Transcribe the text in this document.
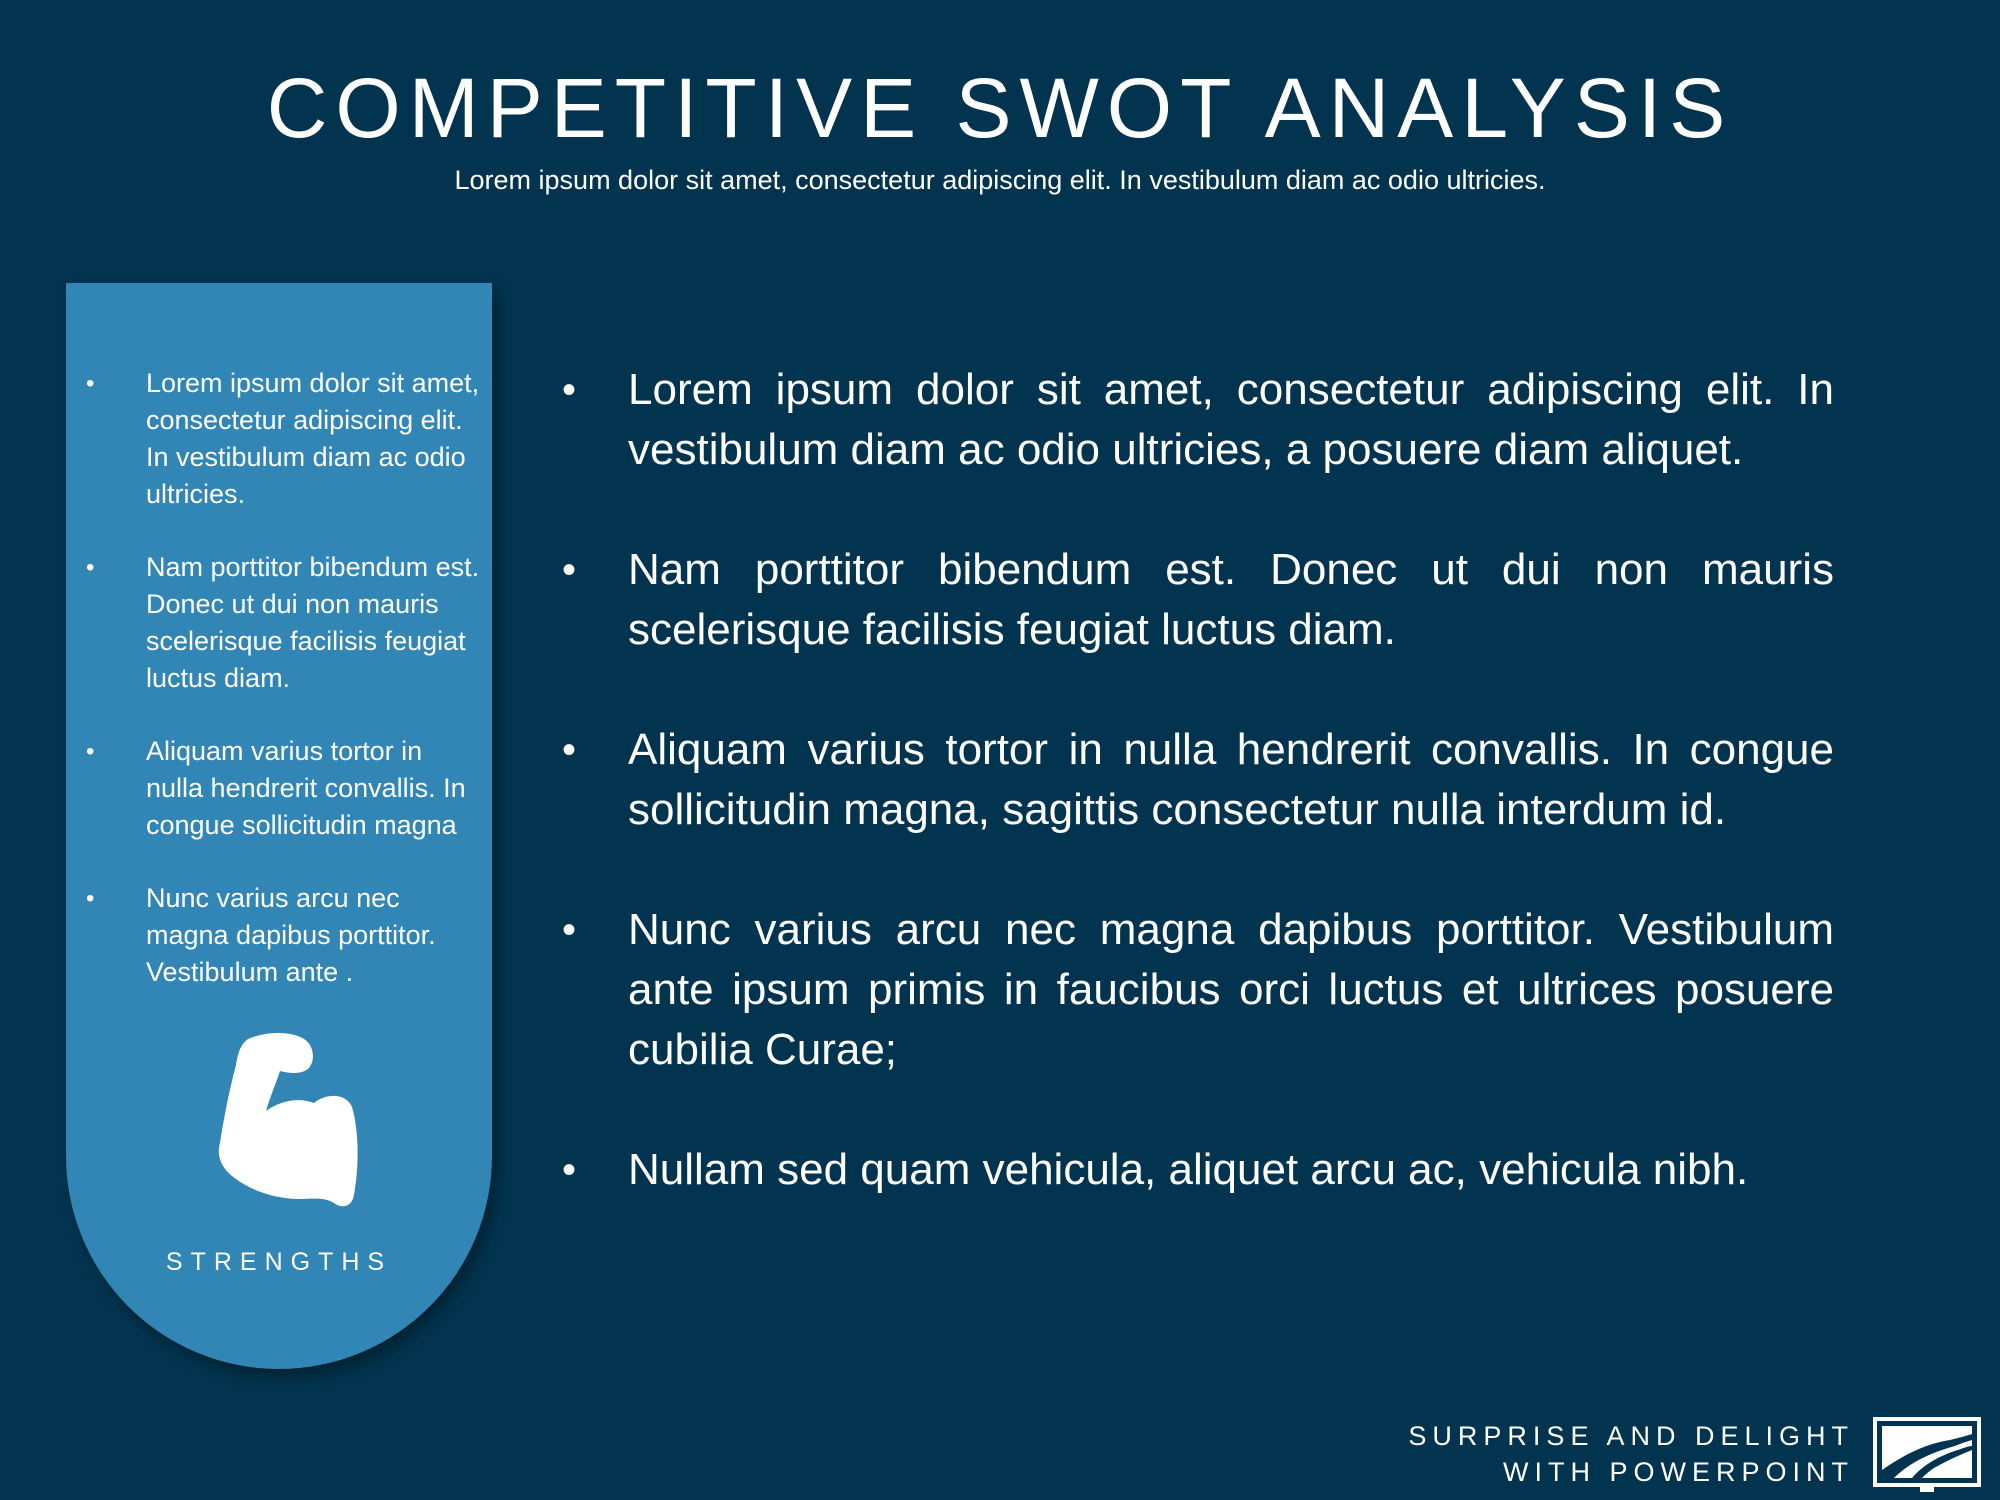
COMPETITIVE SWOT ANALYSIS
Lorem ipsum dolor sit amet, consectetur adipiscing elit. In vestibulum diam ac odio ultricies.
• Lorem ipsum dolor sit amet, consectetur adipiscing elit. In vestibulum diam ac odio ultricies.
• Nam porttitor bibendum est. Donec ut dui non mauris scelerisque facilisis feugiat luctus diam.
• Aliquam varius tortor in nulla hendrerit convallis. In congue sollicitudin magna
• Nunc varius arcu nec magna dapibus porttitor. Vestibulum ante .
STRENGTHS
• Lorem ipsum dolor sit amet, consectetur adipiscing elit. In vestibulum diam ac odio ultricies, a posuere diam aliquet.
• Nam porttitor bibendum est. Donec ut dui non mauris scelerisque facilisis feugiat luctus diam.
• Aliquam varius tortor in nulla hendrerit convallis. In congue sollicitudin magna, sagittis consectetur nulla interdum id.
• Nunc varius arcu nec magna dapibus porttitor. Vestibulum ante ipsum primis in faucibus orci luctus et ultrices posuere cubilia Curae;
• Nullam sed quam vehicula, aliquet arcu ac, vehicula nibh.
SURPRISE AND DELIGHT
WITH POWERPOINT
